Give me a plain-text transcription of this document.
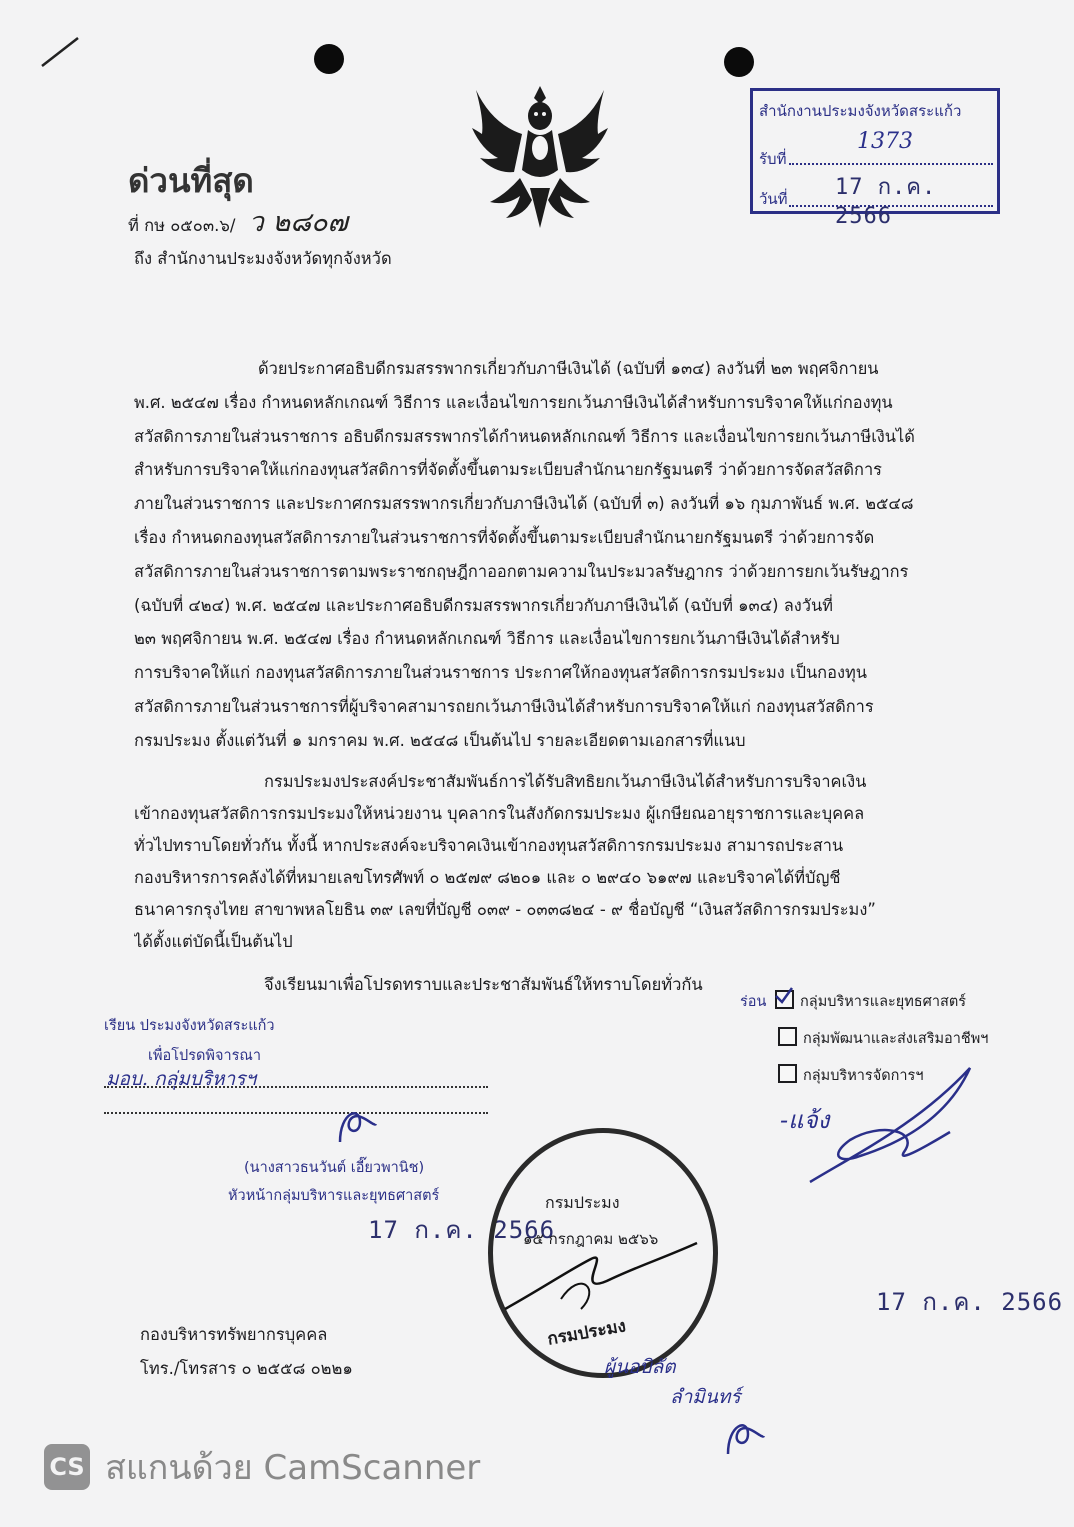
ด่วนที่สุด
ที่ กษ ๐๕๐๓.๖/ ว ๒๘๐๗
ถึง สำนักงานประมงจังหวัดทุกจังหวัด
สำนักงานประมงจังหวัดสระแก้ว
รับที่
1373
วันที่ 17 ก.ค. 2566
ด้วยประกาศอธิบดีกรมสรรพากรเกี่ยวกับภาษีเงินได้ (ฉบับที่ ๑๓๔) ลงวันที่ ๒๓ พฤศจิกายน
พ.ศ. ๒๕๔๗ เรื่อง กำหนดหลักเกณฑ์ วิธีการ และเงื่อนไขการยกเว้นภาษีเงินได้สำหรับการบริจาคให้แก่กองทุน
สวัสดิการภายในส่วนราชการ อธิบดีกรมสรรพากรได้กำหนดหลักเกณฑ์ วิธีการ และเงื่อนไขการยกเว้นภาษีเงินได้
สำหรับการบริจาคให้แก่กองทุนสวัสดิการที่จัดตั้งขึ้นตามระเบียบสำนักนายกรัฐมนตรี ว่าด้วยการจัดสวัสดิการ
ภายในส่วนราชการ และประกาศกรมสรรพากรเกี่ยวกับภาษีเงินได้ (ฉบับที่ ๓) ลงวันที่ ๑๖ กุมภาพันธ์ พ.ศ. ๒๕๔๘
เรื่อง กำหนดกองทุนสวัสดิการภายในส่วนราชการที่จัดตั้งขึ้นตามระเบียบสำนักนายกรัฐมนตรี ว่าด้วยการจัด
สวัสดิการภายในส่วนราชการตามพระราชกฤษฎีกาออกตามความในประมวลรัษฎากร ว่าด้วยการยกเว้นรัษฎากร
(ฉบับที่ ๔๒๔) พ.ศ. ๒๕๔๗ และประกาศอธิบดีกรมสรรพากรเกี่ยวกับภาษีเงินได้ (ฉบับที่ ๑๓๔) ลงวันที่
๒๓ พฤศจิกายน พ.ศ. ๒๕๔๗ เรื่อง กำหนดหลักเกณฑ์ วิธีการ และเงื่อนไขการยกเว้นภาษีเงินได้สำหรับ
การบริจาคให้แก่ กองทุนสวัสดิการภายในส่วนราชการ ประกาศให้กองทุนสวัสดิการกรมประมง เป็นกองทุน
สวัสดิการภายในส่วนราชการที่ผู้บริจาคสามารถยกเว้นภาษีเงินได้สำหรับการบริจาคให้แก่ กองทุนสวัสดิการ
กรมประมง ตั้งแต่วันที่ ๑ มกราคม พ.ศ. ๒๕๔๘ เป็นต้นไป รายละเอียดตามเอกสารที่แนบ
กรมประมงประสงค์ประชาสัมพันธ์การได้รับสิทธิยกเว้นภาษีเงินได้สำหรับการบริจาคเงิน
เข้ากองทุนสวัสดิการกรมประมงให้หน่วยงาน บุคลากรในสังกัดกรมประมง ผู้เกษียณอายุราชการและบุคคล
ทั่วไปทราบโดยทั่วกัน ทั้งนี้ หากประสงค์จะบริจาคเงินเข้ากองทุนสวัสดิการกรมประมง สามารถประสาน
กองบริหารการคลังได้ที่หมายเลขโทรศัพท์ ๐ ๒๕๗๙ ๘๒๐๑ และ ๐ ๒๙๔๐ ๖๑๙๗ และบริจาคได้ที่บัญชี
ธนาคารกรุงไทย สาขาพหลโยธิน ๓๙ เลขที่บัญชี ๐๓๙ - ๐๓๓๘๒๔ - ๙ ชื่อบัญชี “เงินสวัสดิการกรมประมง”
ได้ตั้งแต่บัดนี้เป็นต้นไป
จึงเรียนมาเพื่อโปรดทราบและประชาสัมพันธ์ให้ทราบโดยทั่วกัน
เรียน ประมงจังหวัดสระแก้ว
เพื่อโปรดพิจารณา
มอบ. กลุ่มบริหารฯ
(นางสาวธนวันต์ เอี๊ยวพานิช)
หัวหน้ากลุ่มบริหารและยุทธศาสตร์
17 ก.ค. 2566
ร่อน กลุ่มบริหารและยุทธศาสตร์
กลุ่มพัฒนาและส่งเสริมอาชีพฯ
กลุ่มบริหารจัดการฯ
-แจ้ง
กรมประมง
๑๕ กรกฎาคม ๒๕๖๖
กรมประมง
17 ก.ค. 2566
กองบริหารทรัพยากรบุคคล
โทร./โทรสาร ๐ ๒๕๕๘ ๐๒๒๑	ผู้นอบิลัต
ลำมินทร์
CS สแกนด้วย CamScanner
